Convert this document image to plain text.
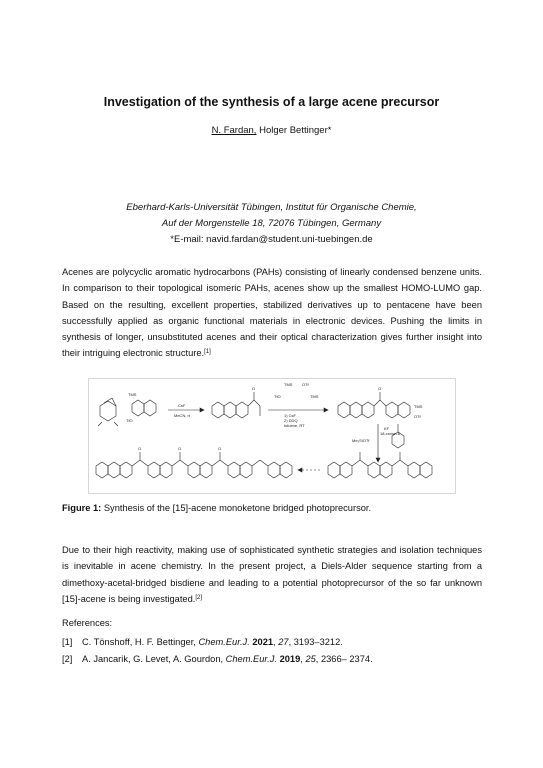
Investigation of the synthesis of a large acene precursor
N. Fardan, Holger Bettinger*
Eberhard-Karls-Universität Tübingen, Institut für Organische Chemie,
Auf der Morgenstelle 18, 72076 Tübingen, Germany
*E-mail: navid.fardan@student.uni-tuebingen.de
Acenes are polycyclic aromatic hydrocarbons (PAHs) consisting of linearly condensed benzene units. In comparison to their topological isomeric PAHs, acenes show up the smallest HOMO-LUMO gap. Based on the resulting, excellent properties, stabilized derivatives up to pentacene have been successfully applied as organic functional materials in electronic devices. Pushing the limits in synthesis of longer, unsubstituted acenes and their optical characterization gives further insight into their intriguing electronic structure.[1]
TMS
TfO
CsF
MeCN, rt
TMS OTf
TfO	TMS
1) CsF
2) DDQ
toluene, RT
TMS
OTf
Me₃SiOTf
KF
18-crown-6
O	O	O
O	O
Figure 1: Synthesis of the [15]-acene monoketone bridged photoprecursor.
Due to their high reactivity, making use of sophisticated synthetic strategies and isolation techniques is inevitable in acene chemistry. In the present project, a Diels-Alder sequence starting from a dimethoxy-acetal-bridged bisdiene and leading to a potential photoprecursor of the so far unknown [15]-acene is being investigated.[2]
References:
[1] C. Tönshoff, H. F. Bettinger, Chem.Eur.J. 2021, 27, 3193–3212.
[2] A. Jancarik, G. Levet, A. Gourdon, Chem.Eur.J. 2019, 25, 2366– 2374.
